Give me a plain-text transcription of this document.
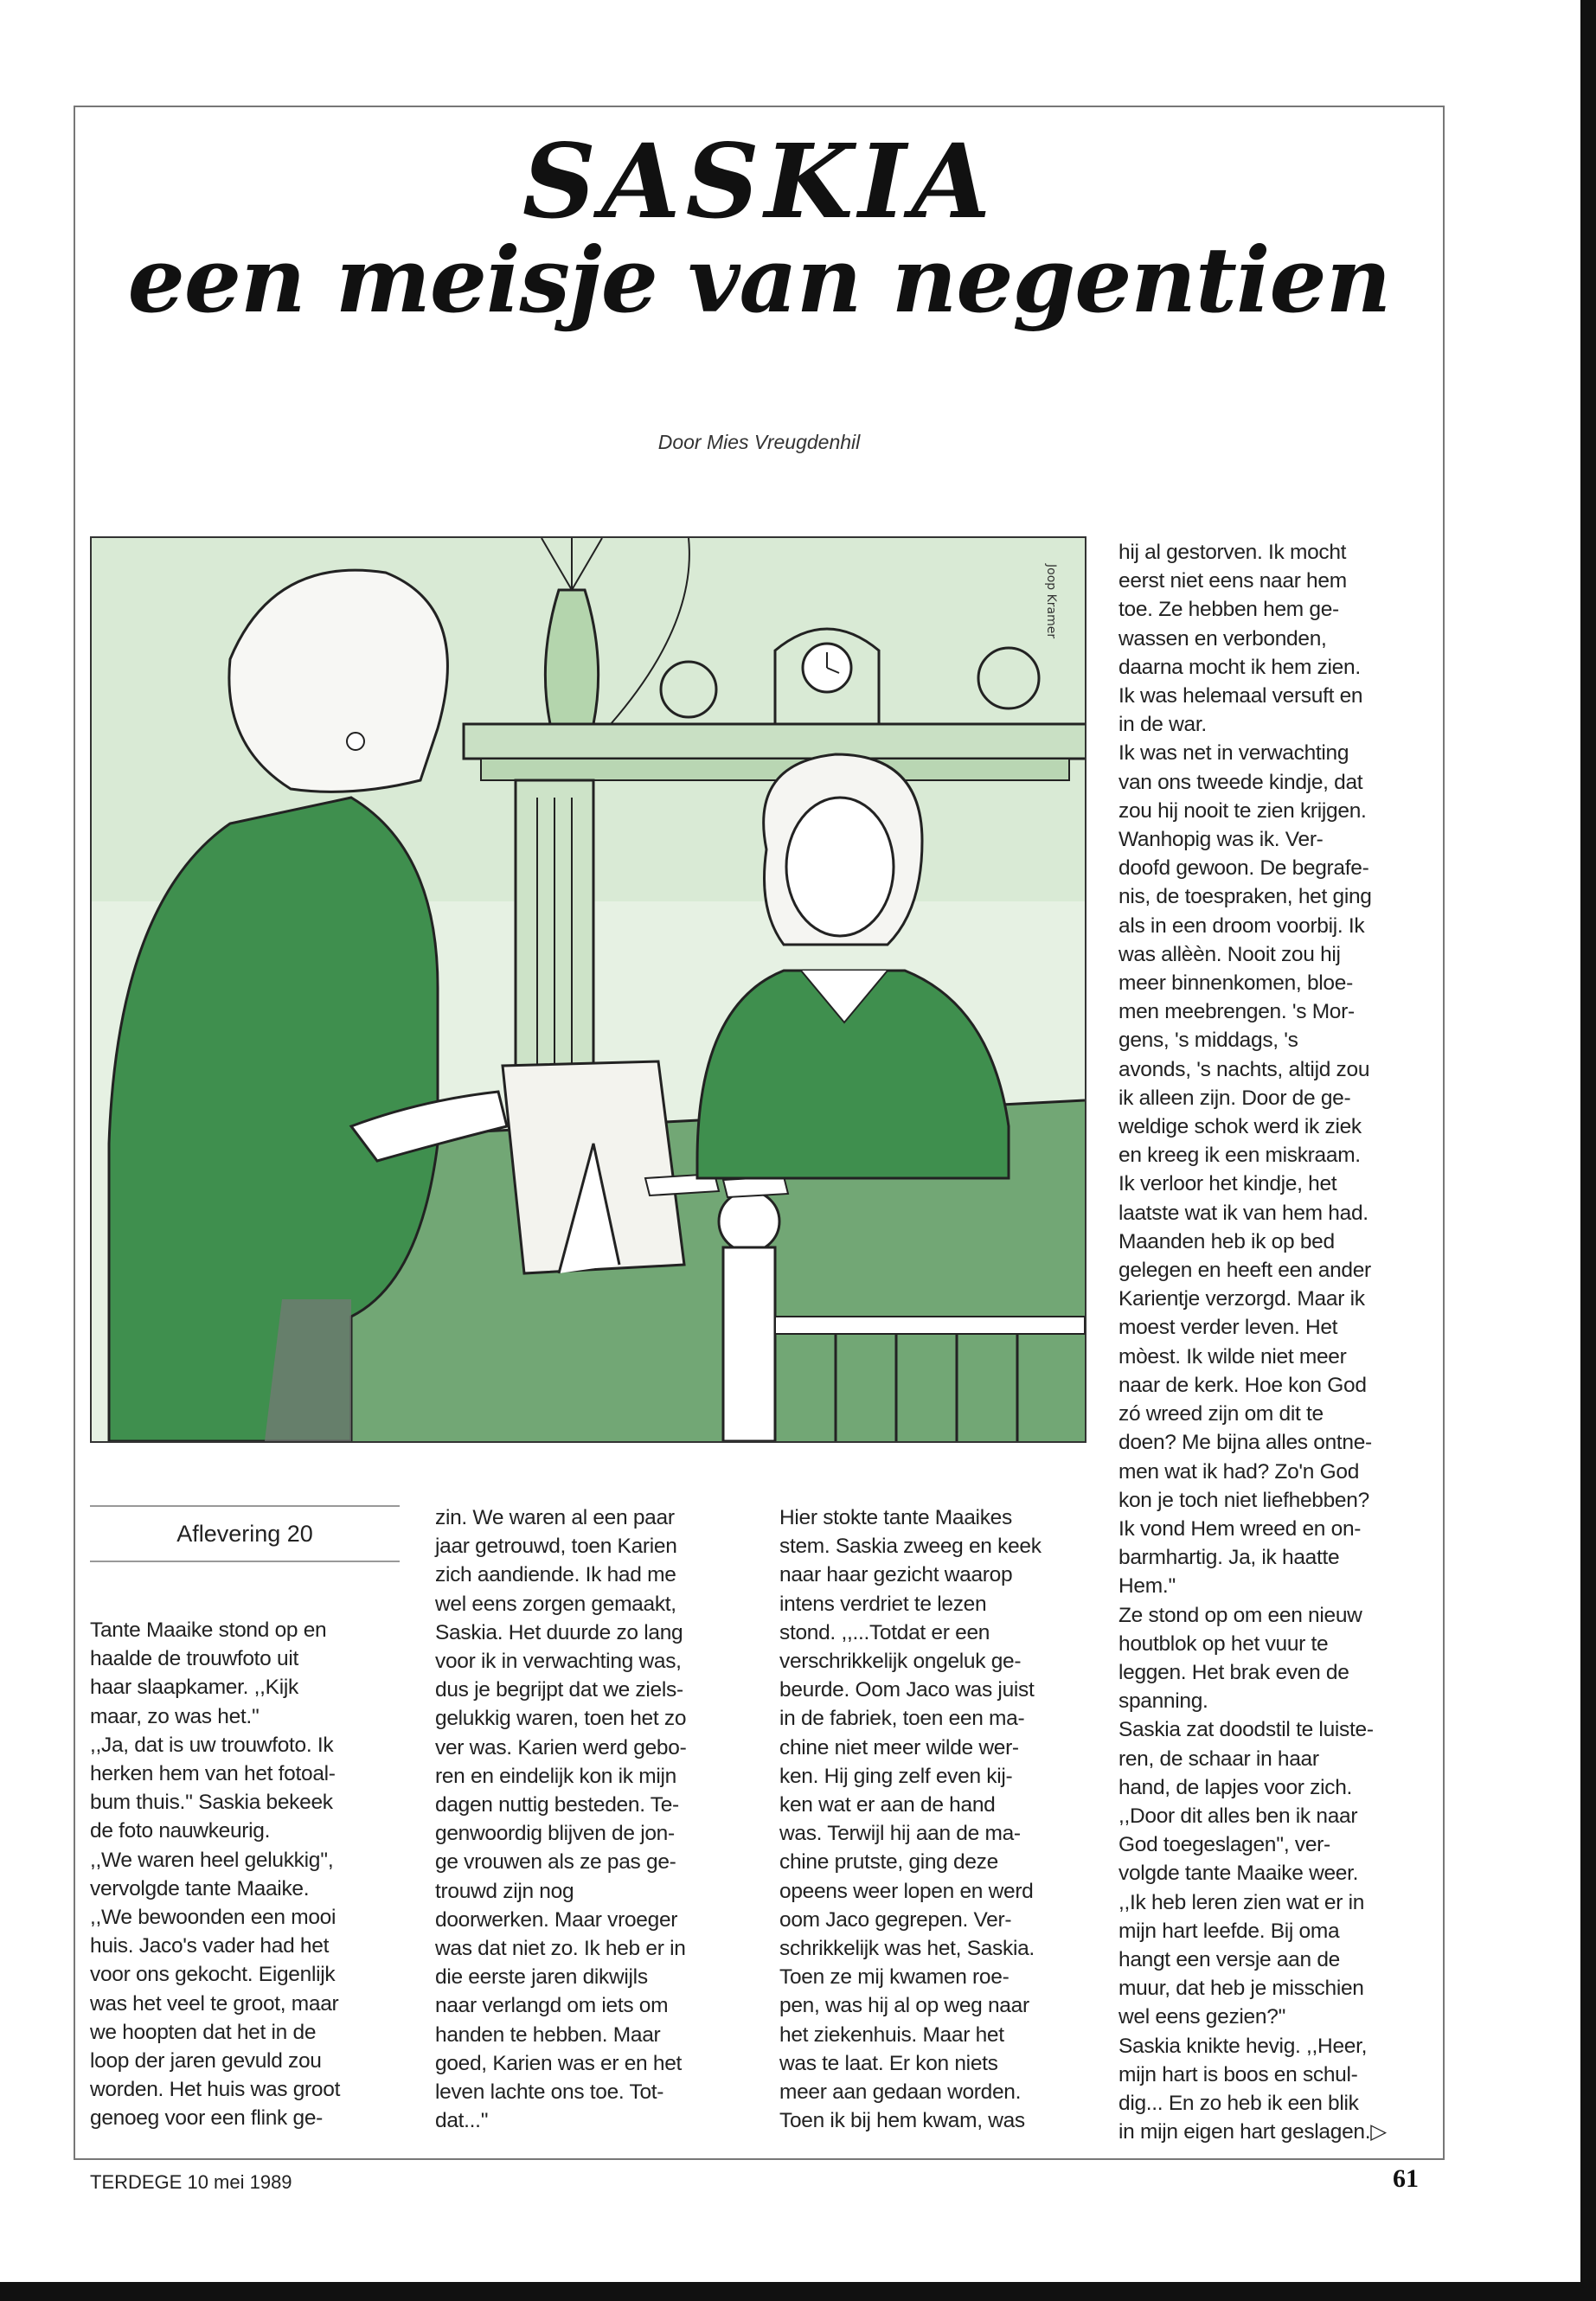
SASKIA
een meisje van negentien
Door Mies Vreugdenhil
Joop Kramer
hij al gestorven. Ik mocht
eerst niet eens naar hem
toe. Ze hebben hem ge-
wassen en verbonden,
daarna mocht ik hem zien.
Ik was helemaal versuft en
in de war.
Ik was net in verwachting
van ons tweede kindje, dat
zou hij nooit te zien krijgen.
Wanhopig was ik. Ver-
doofd gewoon. De begrafe-
nis, de toespraken, het ging
als in een droom voorbij. Ik
was allèèn. Nooit zou hij
meer binnenkomen, bloe-
men meebrengen. 's Mor-
gens, 's middags, 's
avonds, 's nachts, altijd zou
ik alleen zijn. Door de ge-
weldige schok werd ik ziek
en kreeg ik een miskraam.
Ik verloor het kindje, het
laatste wat ik van hem had.
Maanden heb ik op bed
gelegen en heeft een ander
Karientje verzorgd. Maar ik
moest verder leven. Het
mòest. Ik wilde niet meer
naar de kerk. Hoe kon God
zó wreed zijn om dit te
doen? Me bijna alles ontne-
men wat ik had? Zo'n God
kon je toch niet liefhebben?
Ik vond Hem wreed en on-
barmhartig. Ja, ik haatte
Hem.''
Ze stond op om een nieuw
houtblok op het vuur te
leggen. Het brak even de
spanning.
Saskia zat doodstil te luiste-
ren, de schaar in haar
hand, de lapjes voor zich.
,,Door dit alles ben ik naar
God toegeslagen'', ver-
volgde tante Maaike weer.
,,Ik heb leren zien wat er in
mijn hart leefde. Bij oma
hangt een versje aan de
muur, dat heb je misschien
wel eens gezien?''
Saskia knikte hevig. ,,Heer,
mijn hart is boos en schul-
dig... En zo heb ik een blik
in mijn eigen hart geslagen.▷
Aflevering 20
Tante Maaike stond op en
haalde de trouwfoto uit
haar slaapkamer. ,,Kijk
maar, zo was het.''
,,Ja, dat is uw trouwfoto. Ik
herken hem van het fotoal-
bum thuis.'' Saskia bekeek
de foto nauwkeurig.
,,We waren heel gelukkig'',
vervolgde tante Maaike.
,,We bewoonden een mooi
huis. Jaco's vader had het
voor ons gekocht. Eigenlijk
was het veel te groot, maar
we hoopten dat het in de
loop der jaren gevuld zou
worden. Het huis was groot
genoeg voor een flink ge-
zin. We waren al een paar
jaar getrouwd, toen Karien
zich aandiende. Ik had me
wel eens zorgen gemaakt,
Saskia. Het duurde zo lang
voor ik in verwachting was,
dus je begrijpt dat we ziels-
gelukkig waren, toen het zo
ver was. Karien werd gebo-
ren en eindelijk kon ik mijn
dagen nuttig besteden. Te-
genwoordig blijven de jon-
ge vrouwen als ze pas ge-
trouwd zijn nog
doorwerken. Maar vroeger
was dat niet zo. Ik heb er in
die eerste jaren dikwijls
naar verlangd om iets om
handen te hebben. Maar
goed, Karien was er en het
leven lachte ons toe. Tot-
dat...''
Hier stokte tante Maaikes
stem. Saskia zweeg en keek
naar haar gezicht waarop
intens verdriet te lezen
stond. ,,...Totdat er een
verschrikkelijk ongeluk ge-
beurde. Oom Jaco was juist
in de fabriek, toen een ma-
chine niet meer wilde wer-
ken. Hij ging zelf even kij-
ken wat er aan de hand
was. Terwijl hij aan de ma-
chine prutste, ging deze
opeens weer lopen en werd
oom Jaco gegrepen. Ver-
schrikkelijk was het, Saskia.
Toen ze mij kwamen roe-
pen, was hij al op weg naar
het ziekenhuis. Maar het
was te laat. Er kon niets
meer aan gedaan worden.
Toen ik bij hem kwam, was
TERDEGE 10 mei 1989	61
